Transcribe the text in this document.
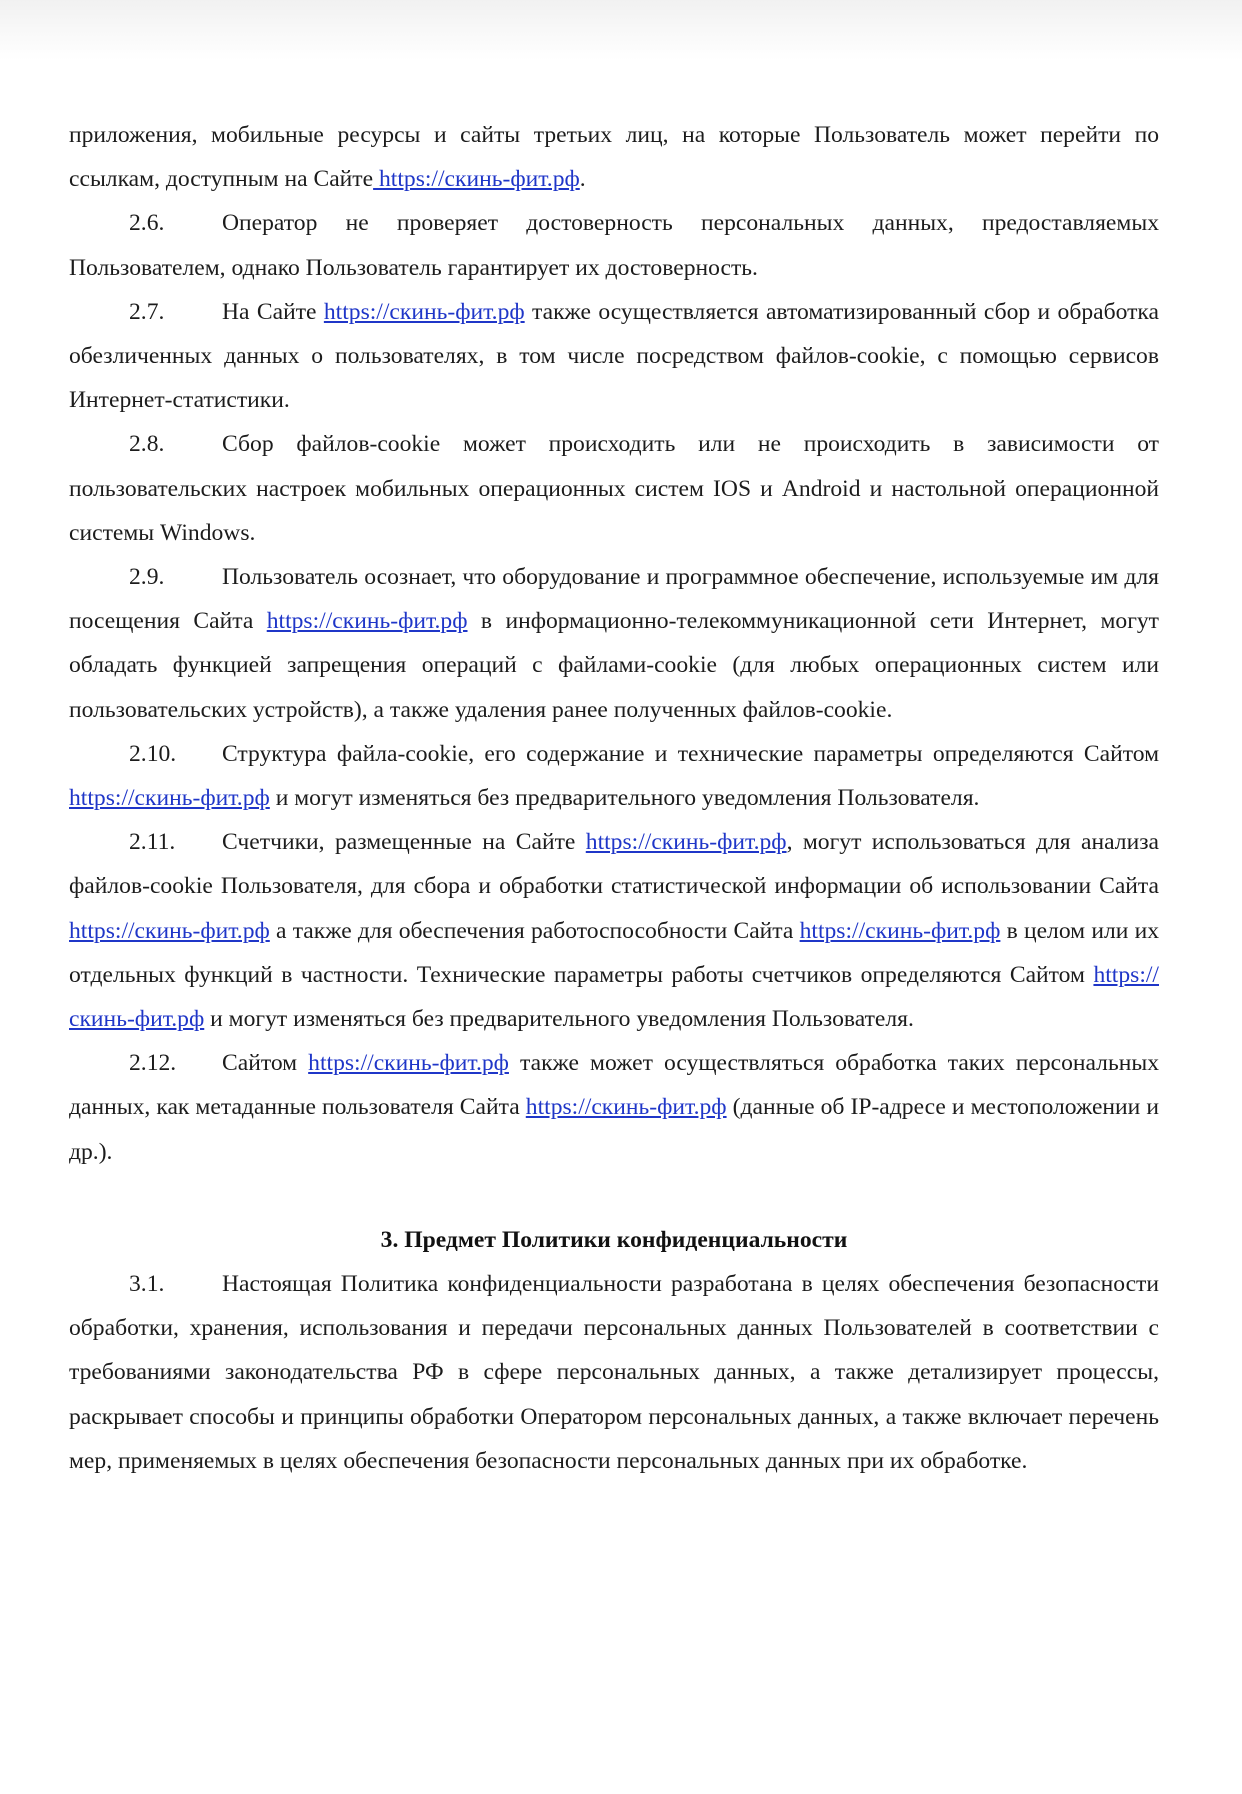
приложения, мобильные ресурсы и сайты третьих лиц, на которые Пользователь может перейти по ссылкам, доступным на Сайте https://скинь-фит.рф.

2.6. Оператор не проверяет достоверность персональных данных, предоставляемых Пользователем, однако Пользователь гарантирует их достоверность.

2.7. На Сайте https://скинь-фит.рф также осуществляется автоматизированный сбор и обработка обезличенных данных о пользователях, в том числе посредством файлов-cookie, с помощью сервисов Интернет-статистики.

2.8. Сбор файлов-cookie может происходить или не происходить в зависимости от пользовательских настроек мобильных операционных систем IOS и Android и настольной операционной системы Windows.

2.9. Пользователь осознает, что оборудование и программное обеспечение, используемые им для посещения Сайта https://скинь-фит.рф в информационно-телекоммуникационной сети Интернет, могут обладать функцией запрещения операций с файлами-cookie (для любых операционных систем или пользовательских устройств), а также удаления ранее полученных файлов-cookie.

2.10. Структура файла-cookie, его содержание и технические параметры определяются Сайтом https://скинь-фит.рф и могут изменяться без предварительного уведомления Пользователя.

2.11. Счетчики, размещенные на Сайте https://скинь-фит.рф, могут использоваться для анализа файлов-cookie Пользователя, для сбора и обработки статистической информации об использовании Сайта https://скинь-фит.рф а также для обеспечения работоспособности Сайта https://скинь-фит.рф в целом или их отдельных функций в частности. Технические параметры работы счетчиков определяются Сайтом https://скинь-фит.рф и могут изменяться без предварительного уведомления Пользователя.

2.12. Сайтом https://скинь-фит.рф также может осуществляться обработка таких персональных данных, как метаданные пользователя Сайта https://скинь-фит.рф (данные об IP-адресе и местоположении и др.).

3. Предмет Политики конфиденциальности

3.1. Настоящая Политика конфиденциальности разработана в целях обеспечения безопасности обработки, хранения, использования и передачи персональных данных Пользователей в соответствии с требованиями законодательства РФ в сфере персональных данных, а также детализирует процессы, раскрывает способы и принципы обработки Оператором персональных данных, а также включает перечень мер, применяемых в целях обеспечения безопасности персональных данных при их обработке.
